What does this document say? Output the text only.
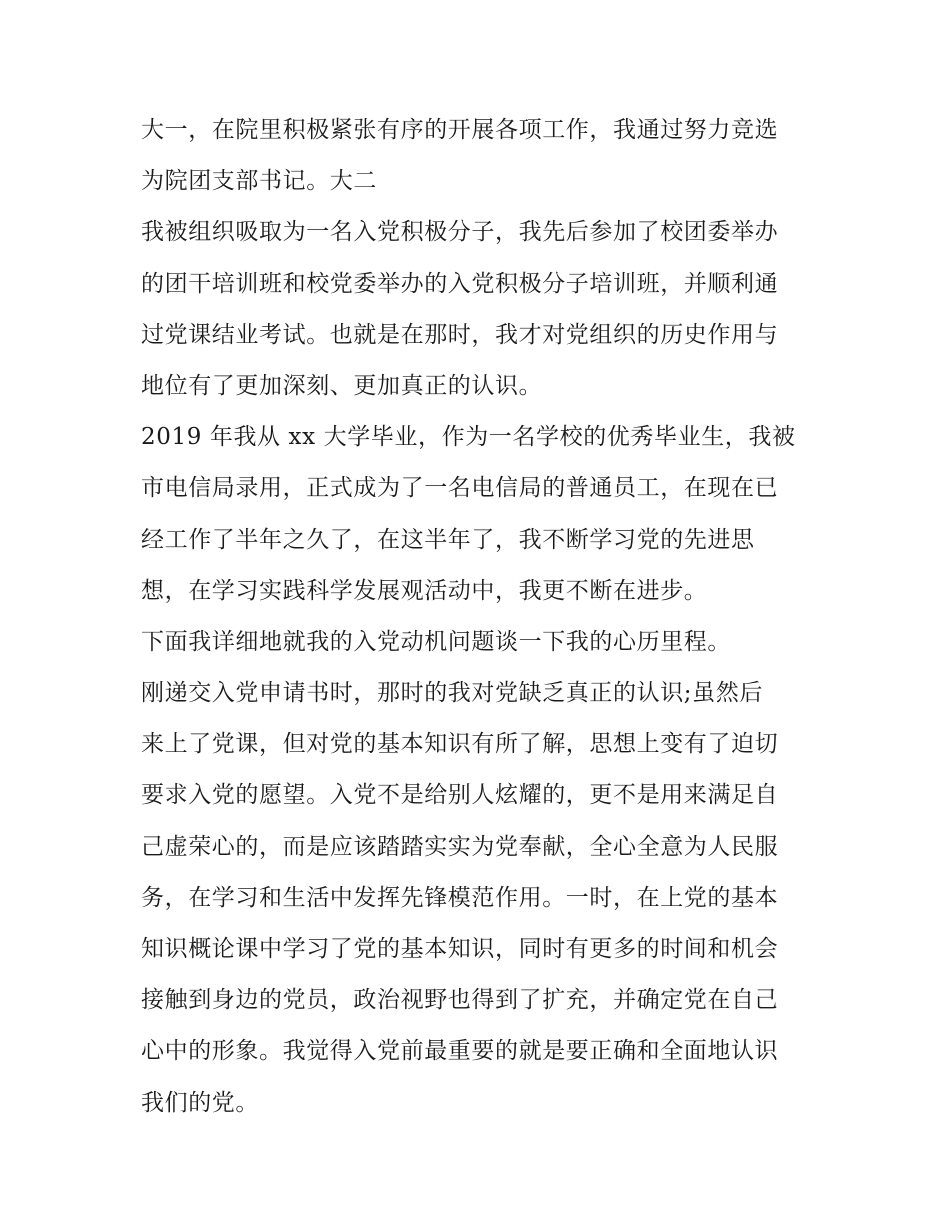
大一，在院里积极紧张有序的开展各项工作，我通过努力竞选
为院团支部书记。大二
我被组织吸取为一名入党积极分子，我先后参加了校团委举办
的团干培训班和校党委举办的入党积极分子培训班，并顺利通
过党课结业考试。也就是在那时，我才对党组织的历史作用与
地位有了更加深刻、更加真正的认识。
2019 年我从 xx 大学毕业，作为一名学校的优秀毕业生，我被
市电信局录用，正式成为了一名电信局的普通员工，在现在已
经工作了半年之久了，在这半年了，我不断学习党的先进思
想，在学习实践科学发展观活动中，我更不断在进步。
下面我详细地就我的入党动机问题谈一下我的心历里程。
刚递交入党申请书时，那时的我对党缺乏真正的认识;虽然后
来上了党课，但对党的基本知识有所了解，思想上变有了迫切
要求入党的愿望。入党不是给别人炫耀的，更不是用来满足自
己虚荣心的，而是应该踏踏实实为党奉献，全心全意为人民服
务，在学习和生活中发挥先锋模范作用。一时，在上党的基本
知识概论课中学习了党的基本知识，同时有更多的时间和机会
接触到身边的党员，政治视野也得到了扩充，并确定党在自己
心中的形象。我觉得入党前最重要的就是要正确和全面地认识
我们的党。
